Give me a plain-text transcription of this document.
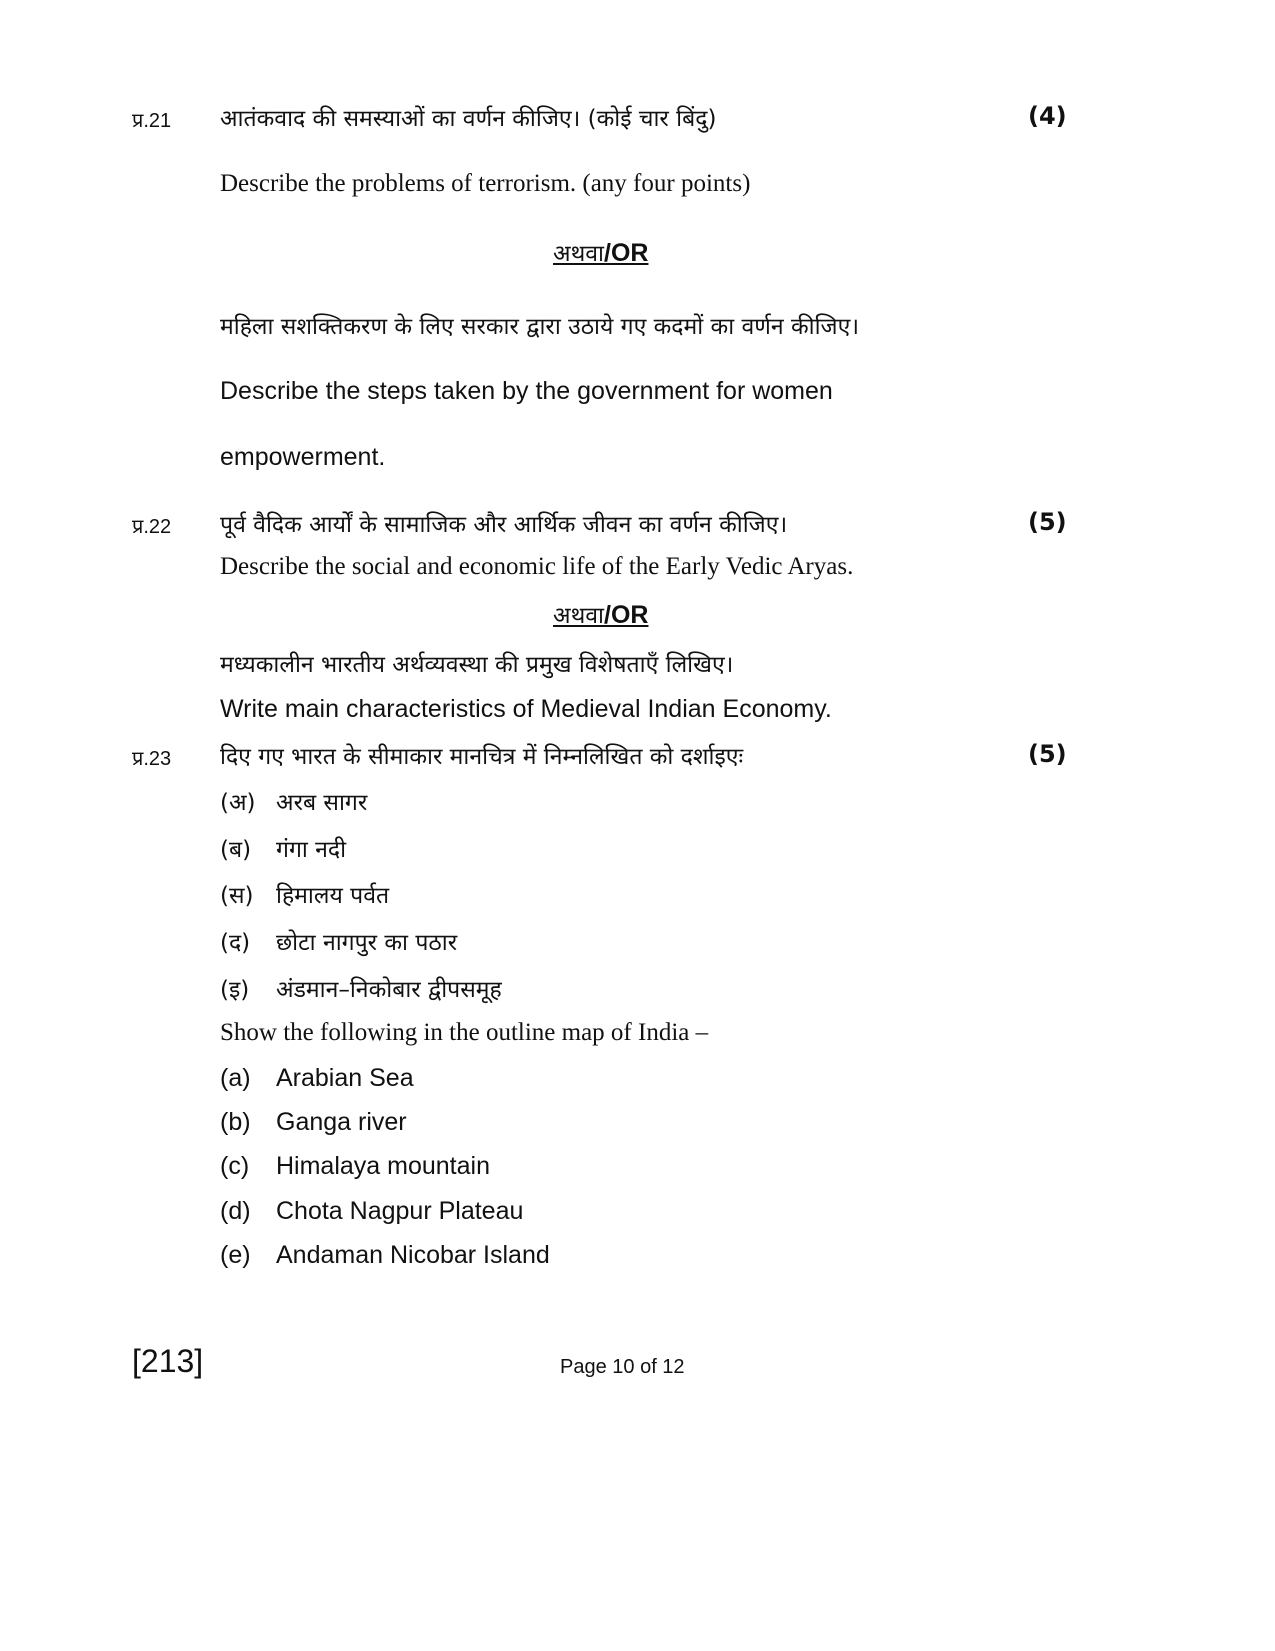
प्र.21 आतंकवाद की समस्याओं का वर्णन कीजिए। (कोई चार बिंदु)	(4)
Describe the problems of terrorism. (any four points)
अथवा/OR
महिला सशक्तिकरण के लिए सरकार द्वारा उठाये गए कदमों का वर्णन कीजिए।
Describe the steps taken by the government for women
empowerment.
प्र.22 पूर्व वैदिक आर्यों के सामाजिक और आर्थिक जीवन का वर्णन कीजिए।	(5)
Describe the social and economic life of the Early Vedic Aryas.
अथवा/OR
मध्यकालीन भारतीय अर्थव्यवस्था की प्रमुख विशेषताएँ लिखिए।
Write main characteristics of Medieval Indian Economy.
प्र.23 दिए गए भारत के सीमाकार मानचित्र में निम्नलिखित को दर्शाइएः	(5)
(अ) अरब सागर
(ब) गंगा नदी
(स) हिमालय पर्वत
(द) छोटा नागपुर का पठार
(इ) अंडमान–निकोबार द्वीपसमूह
Show the following in the outline map of India –
(a) Arabian Sea
(b) Ganga river
(c) Himalaya mountain
(d) Chota Nagpur Plateau
(e) Andaman Nicobar Island
[213]	Page 10 of 12
